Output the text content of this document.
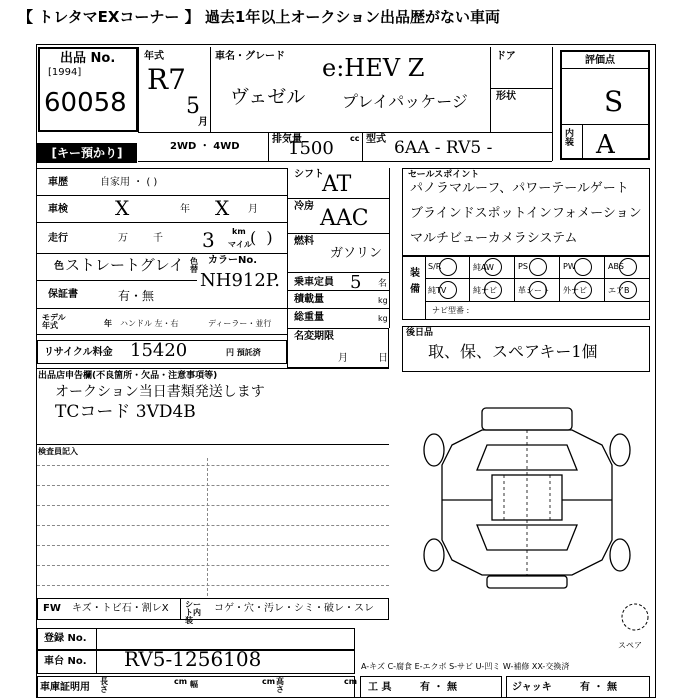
【 トレタマEXコーナー 】 過去1年以上オークション出品歴がない車両
出品 No.
[1994]
60058
年式
R7
5
月
車名・グレード e:HEV Z
ヴェゼル プレイパッケージ
ドア
形状
評価点
S
内装 A
2WD ・ 4WD
排気量	cc
1500	型式 6AA - RV5 -
[キー預かり]
車歴	自家用 ・ ( )
車検 X	年 X 月
走行	万	千 3 km
マイル
(  )
色 ストレートグレイ 色替
カラーNo.
NH912P.
保証書	有・無
モデル年式	年 ハンドル 左・右	ディーラー・並行
シフト
AT
冷房 AAC
燃料
ガソリン
乗車定員 5 名
積載量	kg
総重量	kg
セールスポイント
パノラマルーフ、パワーテールゲート
ブラインドスポットインフォメーション
マルチビューカメラシステム
装備
S/R	純AW	PS	PW	ABS
純TV	純ナビ	革シート 外ナビ	エアB
ナビ型番 :
名変期限
月	日
リサイクル料金 15420	円 預託済
後日品
取、保、スペアキー1個
出品店申告欄(不良箇所・欠品・注意事項等)
オークション当日書類発送します
TCコード 3VD4B
検査員記入
スペア
FW キズ・トビ石・割レX シート内装
コゲ・穴・汚レ・シミ・破レ・スレ
登録 No.
車台 No. RV5-1256108	A-キズ C-腐食 E-エクボ S-サビ U-凹ミ W-補修 XX-交換済
車庫証明用
長さ
cm 幅	cm 高さ
cm
工 具	有 ・ 無	ジャッキ	有 ・ 無
